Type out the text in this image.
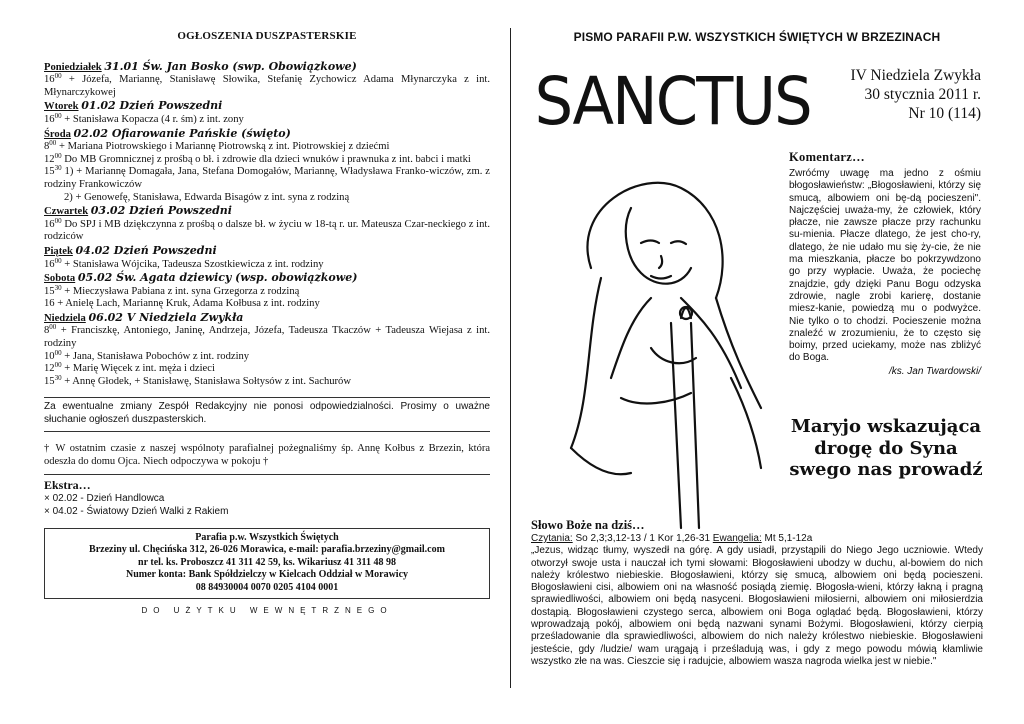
OGŁOSZENIA DUSZPASTERSKIE
Poniedziałek 31.01 Św. Jan Bosko (swp. Obowiązkowe)
$16^{00}$ + Józefa, Mariannę, Stanisławę Słowika, Stefanię Zychowicz Adama Młynarczyka z int. Młynarczykowej
Wtorek 01.02 Dzień Powszedni
$16^{00}$ + Stanisława Kopacza (4 r. śm) z int. zony
Środa 02.02 Ofiarowanie Pańskie (święto)
$8^{00}$ + Mariana Piotrowskiego i Mariannę Piotrowską z int. Piotrowskiej z dziećmi
$12^{00}$ Do MB Gromnicznej z prośbą o bł. i zdrowie dla dzieci wnuków i prawnuka z int. babci i matki
$15^{30}$ 1) + Mariannę Domagała, Jana, Stefana Domogałów, Mariannę, Władysława Franko-wiczów, zm. z rodziny Frankowiczów
2) + Genowefę, Stanisława, Edwarda Bisagów z int. syna z rodziną
Czwartek 03.02 Dzień Powszedni
$16^{00}$ Do SPJ i MB dziękczynna z prośbą o dalsze bł. w życiu w 18-tą r. ur. Mateusza Czar-neckiego z int. rodziców
Piątek 04.02 Dzień Powszedni
$16^{00}$ + Stanisława Wójcika, Tadeusza Szostkiewicza z int. rodziny
Sobota 05.02 Św. Agata dziewicy (wsp. obowiązkowe)
$15^{30}$ + Mieczysława Pabiana z int. syna Grzegorza z rodziną
16 + Anielę Lach, Mariannę Kruk, Adama Kołbusa z int. rodziny
Niedziela 06.02 V Niedziela Zwykła
$8^{00}$ + Franciszkę, Antoniego, Janinę, Andrzeja, Józefa, Tadeusza Tkaczów + Tadeusza Wiejasa z int. rodziny
$10^{00}$ + Jana, Stanisława Pobochów z int. rodziny
$12^{00}$ + Marię Więcek z int. męża i dzieci
$15^{30}$ + Annę Głodek, + Stanisławę, Stanisława Sołtysów z int. Sachurów
Za ewentualne zmiany Zespół Redakcyjny nie ponosi odpowiedzialności. Prosimy o uważne słuchanie ogłoszeń duszpasterskich.
† W ostatnim czasie z naszej wspólnoty parafialnej pożegnaliśmy śp. Annę Kołbus z Brzezin, która odeszła do domu Ojca. Niech odpoczywa w pokoju †
Ekstra…
× 02.02 - Dzień Handlowca
× 04.02 - Światowy Dzień Walki z Rakiem
Parafia p.w. Wszystkich Świętych
Brzeziny ul. Chęcińska 312, 26-026 Morawica, e-mail: parafia.brzeziny@gmail.com
nr tel. ks. Proboszcz 41 311 42 59, ks. Wikariusz 41 311 48 98
Numer konta: Bank Spółdzielczy w Kielcach Oddział w Morawicy
08 84930004 0070 0205 4104 0001
DO UŻYTKU WEWNĘTRZNEGO
PISMO PARAFII P.W. WSZYSTKICH ŚWIĘTYCH W BRZEZINACH
SANCTUS	IV Niedziela Zwykła
30 stycznia 2011 r.
Nr 10 (114)
Komentarz…

Zwróćmy uwagę ma jedno z ośmiu błogosławieństw: „Błogosławieni, którzy się smucą, albowiem oni bę-dą pocieszeni". Najczęściej uważa-my, że człowiek, który płacze, nie zawsze płacze przy rachunku su-mienia. Płacze dlatego, że jest cho-ry, dlatego, że nie udało mu się ży-cie, że nie ma mieszkania, płacze bo pokrzywdzono go przy wypłacie. Uważa, że pociechę znajdzie, gdy dzięki Panu Bogu odzyska zdrowie, nagle zrobi karierę, dostanie miesz-kanie, powiedzą mu o podwyżce. Nie tylko o to chodzi. Pocieszenie można znaleźć w zrozumieniu, że to często się boimy, przed uciekamy, może nas zbliżyć do Boga.

/ks. Jan Twardowski/
Maryjo wskazująca drogę do Syna swego nas prowadź
Słowo Boże na dziś…
Czytania: So 2,3;3,12-13 / 1 Kor 1,26-31 Ewangelia: Mt 5,1-12a
„Jezus, widząc tłumy, wyszedł na górę. A gdy usiadł, przystąpili do Niego Jego uczniowie. Wtedy otworzył swoje usta i nauczał ich tymi słowami: Błogosławieni ubodzy w duchu, al-bowiem do nich należy królestwo niebieskie. Błogosławieni, którzy się smucą, albowiem oni będą pocieszeni. Błogosławieni cisi, albowiem oni na własność posiądą ziemię. Błogosła-wieni, którzy łakną i pragną sprawiedliwości, albowiem oni będą nasyceni. Błogosławieni miłosierni, albowiem oni miłosierdzia dostąpią. Błogosławieni czystego serca, albowiem oni Boga oglądać będą. Błogosławieni, którzy wprowadzają pokój, albowiem oni będą nazwani synami Bożymi. Błogosławieni, którzy cierpią prześladowanie dla sprawiedliwości, albowiem do nich należy królestwo niebieskie. Błogosławieni jesteście, gdy /ludzie/ wam urągają i prześladują was, i gdy z mego powodu mówią kłamliwie wszystko złe na was. Cieszcie się i radujcie, albowiem wasza nagroda wielka jest w niebie."
